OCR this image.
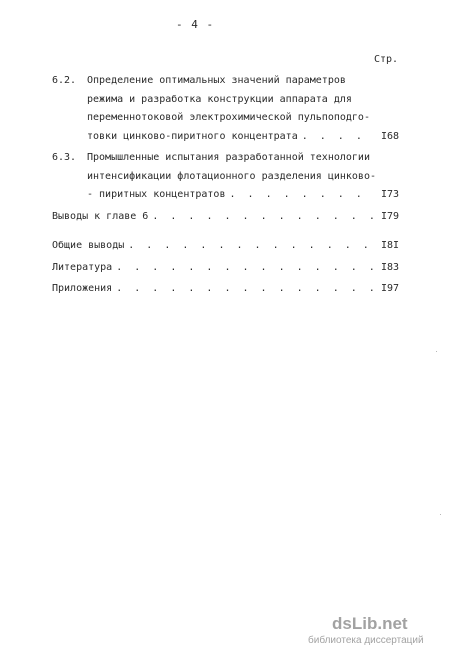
- 4 -
Стр.
6.2. Определение оптимальных значений параметров
режима и разработка конструкции аппарата для
переменнотоковой электрохимической пульпоподго-
товки цинково-пиритного концентрата . . .	I68
6.3. Промышленные испытания разработанной технологии
интенсификации флотационного разделения цинково-
- пиритных концентратов . . .	I73
Выводы к главе 6 . . .	I79
Общие выводы . . .	I8I
Литература . . .	I83
Приложения . . .	I97
dsLib.net
библиотека диссертаций
